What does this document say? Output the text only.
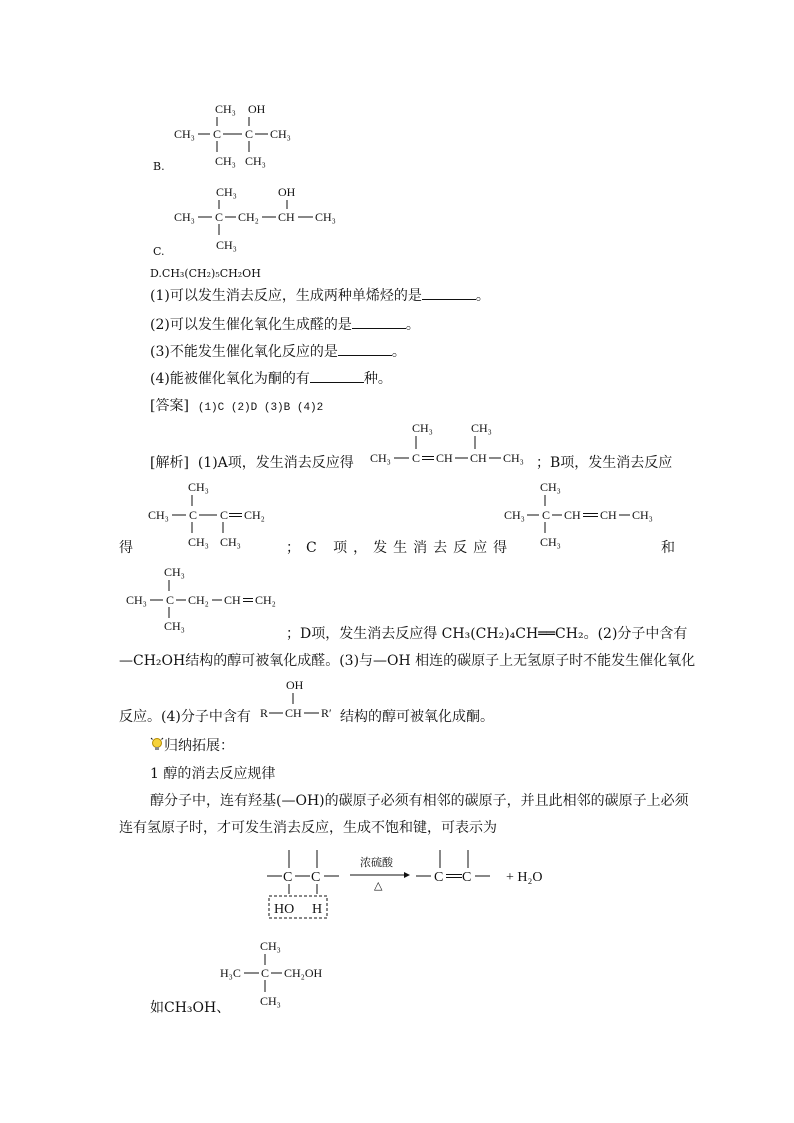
CH₃ OH
CH₃ C C CH₃
CH₃ CH₃
B.
CH₃	OH
CH₃ C CH₂ CH CH₃
CH₃
C.
D.CH₃(CH₂)₅CH₂OH
(1)可以发生消去反应，生成两种单烯烃的是	。
(2)可以发生催化氧化生成醛的是	。
(3)不能发生催化氧化反应的是	。
(4)能被催化氧化为酮的有	种。
[答案] (1)C (2)D (3)B (4)2
[解析] (1)A项，发生消去反应得
CH₃	CH₃
CH₃ C CH CH CH₃ ；B项，发生消去反应
CH₃
CH₃ C C CH₂
CH₃ CH₃
得	；C 项，发生消去反应得
CH₃
CH₃ C CH CH CH₃
CH₃	和
CH₃
CH₃ C CH₂ CH CH₂
CH₃	；D项，发生消去反应得 CH₃(CH₂)₄CH══CH₂。(2)分子中含有
—CH₂OH结构的醇可被氧化成醛。(3)与—OH 相连的碳原子上无氢原子时不能发生催化氧化
反应。(4)分子中含有
OH
R CH R′ 结构的醇可被氧化成酮。
归纳拓展：
1 醇的消去反应规律
醇分子中，连有羟基(—OH)的碳原子必须有相邻的碳原子，并且此相邻的碳原子上必须
连有氢原子时，才可发生消去反应，生成不饱和键，可表示为
C C
HO H
浓硫酸
△
C C + H₂O
CH₃
H₃C C CH₂OH
CH₃
如CH₃OH、
